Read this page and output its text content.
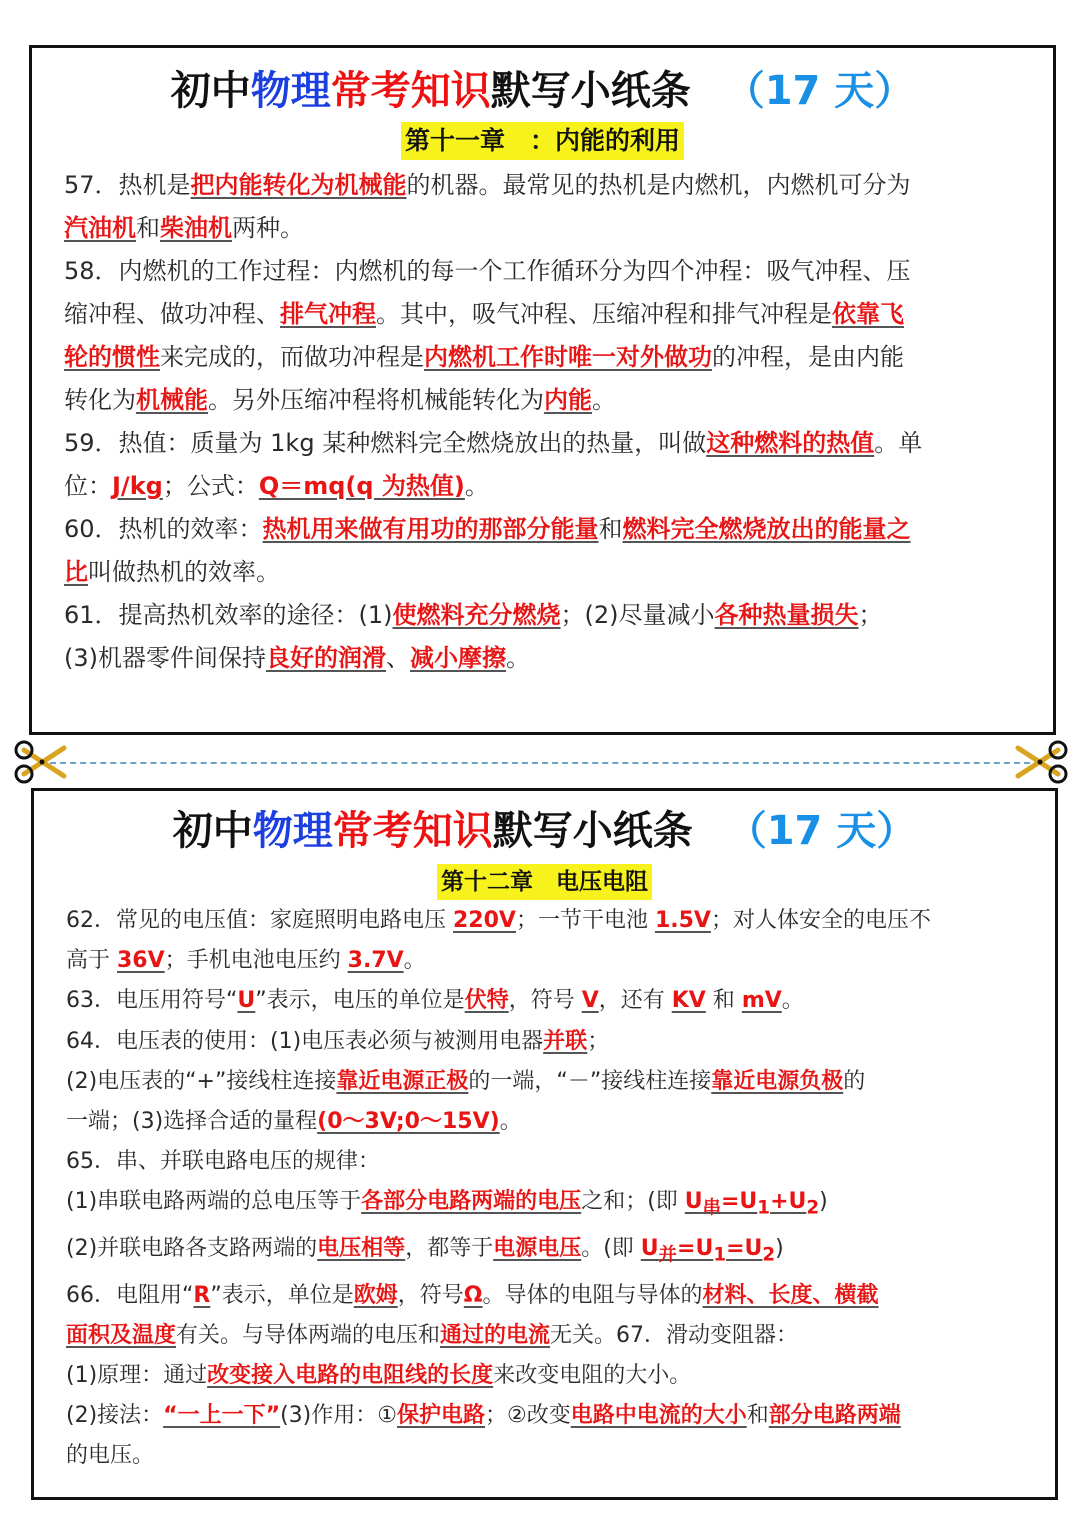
初中物理常考知识默写小纸条 （17 天）
第十一章　：内能的利用

57．热机是把内能转化为机械能的机器。最常见的热机是内燃机，内燃机可分为

汽油机和柴油机两种。

58．内燃机的工作过程：内燃机的每一个工作循环分为四个冲程：吸气冲程、压

缩冲程、做功冲程、排气冲程。其中，吸气冲程、压缩冲程和排气冲程是依靠飞

轮的惯性来完成的，而做功冲程是内燃机工作时唯一对外做功的冲程，是由内能

转化为机械能。另外压缩冲程将机械能转化为内能。

59．热值：质量为 1kg 某种燃料完全燃烧放出的热量，叫做这种燃料的热值。单

位：J/kg；公式：Q＝mq(q 为热值)。

60．热机的效率：热机用来做有用功的那部分能量和燃料完全燃烧放出的能量之

比叫做热机的效率。

61．提高热机效率的途径：(1)使燃料充分燃烧；(2)尽量减小各种热量损失；

(3)机器零件间保持良好的润滑、减小摩擦。

初中物理常考知识默写小纸条 （17 天）
第十二章　电压电阻

62．常见的电压值：家庭照明电路电压 220V；一节干电池 1.5V；对人体安全的电压不

高于 36V；手机电池电压约 3.7V。

63．电压用符号“U”表示，电压的单位是伏特，符号 V，还有 KV 和 mV。

64．电压表的使用：(1)电压表必须与被测用电器并联；

(2)电压表的“+”接线柱连接靠近电源正极的一端，“－”接线柱连接靠近电源负极的

一端；(3)选择合适的量程(0～3V;0～15V)。

65．串、并联电路电压的规律：

(1)串联电路两端的总电压等于各部分电路两端的电压之和；(即 $U_串=U_1+U_2$)

(2)并联电路各支路两端的电压相等，都等于电源电压。(即 $U_并=U_1=U_2$)

66．电阻用“R”表示，单位是欧姆，符号Ω。导体的电阻与导体的材料、长度、横截

面积及温度有关。与导体两端的电压和通过的电流无关。67．滑动变阻器：

(1)原理：通过改变接入电路的电阻线的长度来改变电阻的大小。

(2)接法：“一上一下”(3)作用：①保护电路；②改变电路中电流的大小和部分电路两端

的电压。
